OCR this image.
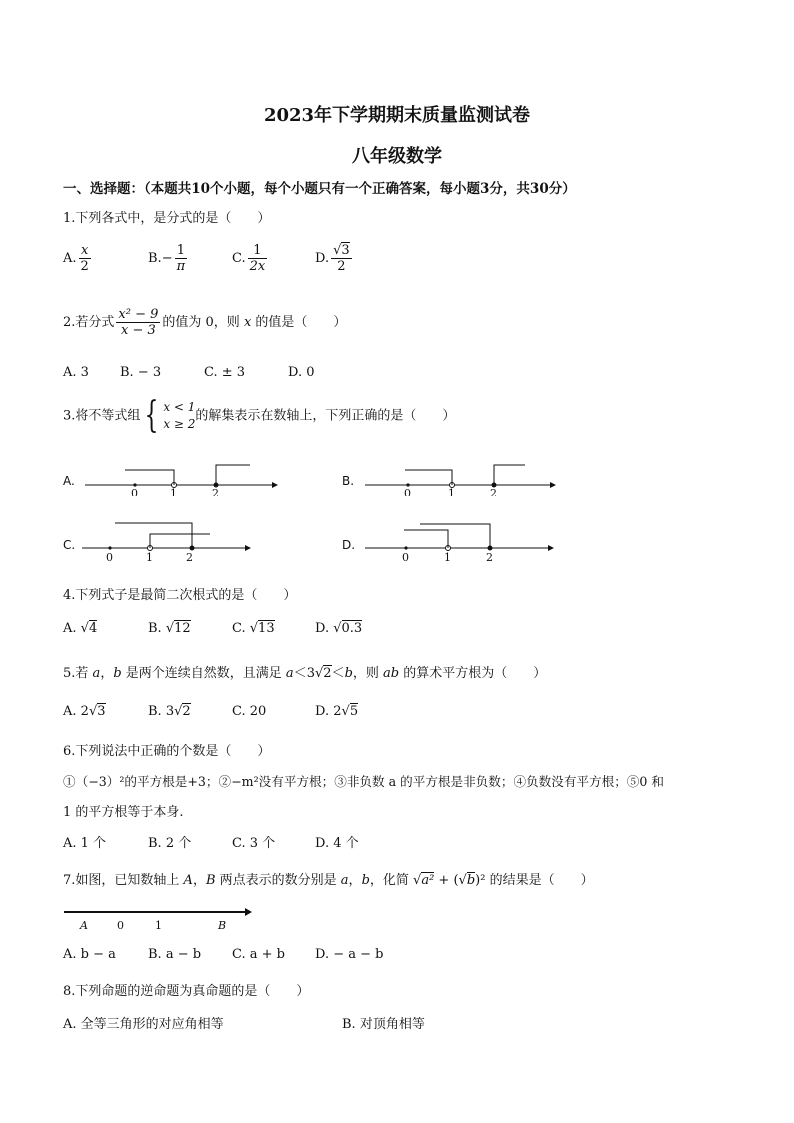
2023年下学期期末质量监测试卷
八年级数学
一、选择题：（本题共10个小题，每个小题只有一个正确答案，每小题3分，共30分）
1.下列各式中，是分式的是（　　）
A. $\frac{x}{2}$	$B.- \frac{1}{\pi}$	C. $\frac{1}{2x}$	D. $\frac{√3}{2}$
2.若分式 $\frac{\text{x² − 9}}{x - 3}$ 的值为 0，则 x 的值是（　　）
A. 3 B. − 3	C. ± 3	D. 0
3.将不等式组 { x < 1
x ≥ 2
的解集表示在数轴上，下列正确的是（　　）
A.
0	1	2
B.
0	1	2
C.
0	1	2
D.
0	1	2
4.下列式子是最简二次根式的是（　　）
A. √4	B. √12	C. √13	D. √0.3
5.若 a，b 是两个连续自然数，且满足 a＜3√2＜b，则 ab 的算术平方根为（　　）
A. 2√3	B. 3√2	C. 20	D. 2√5
6.下列说法中正确的个数是（　　）
①（−3）²的平方根是+3；②−m²没有平方根；③非负数 a 的平方根是非负数；④负数没有平方根；⑤0 和
1 的平方根等于本身.
A. 1 个	B. 2 个	C. 3 个	D. 4 个
7.如图，已知数轴上 A，B 两点表示的数分别是 a，b，化简 √a² + (√b)² 的结果是（　　）
A	0	1	B
A. b − a B. a − b C. a + b D. − a − b
8.下列命题的逆命题为真命题的是（　　）
A. 全等三角形的对应角相等	B. 对顶角相等
